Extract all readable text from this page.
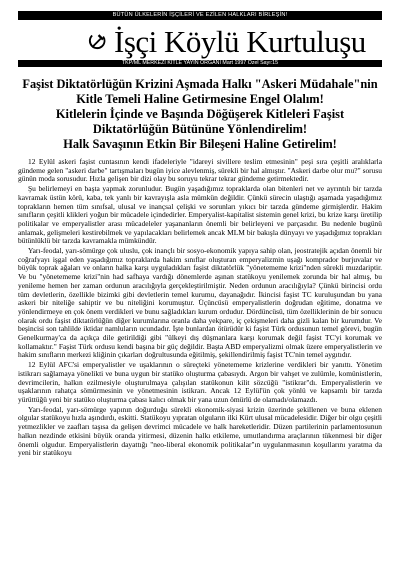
BÜTÜN ÜLKELERİN İŞÇİLERİ VE EZİLEN HALKLARI BİRLEŞİN!
İşçi Köylü Kurtuluşu
TKP/ML MERKEZİ KİTLE YAYIN ORGANI Mart 1997 Özel Sayı:15
Faşist Diktatörlüğün Krizini Aşmada Halkı "Askeri Müdahale"nin Kitle Temeli Haline Getirmesine Engel Olalım!
Kitlelerin İçinde ve Başında Döğüşerek Kitleleri Faşist Diktatörlüğün Bütününe Yönlendirelim!
Halk Savaşının Etkin Bir Bileşeni Haline Getirelim!

12 Eylül askeri faşist cuntasının kendi ifadeleriyle "idareyi sivillere teslim etmesinin" peşi sıra çeşitli aralıklarla gündeme gelen "askeri darbe" tartışmaları bugün iyice alevlenmiş, sürekli bir hal almıştır. "Askeri darbe olur mu?" sorusu günün moda sorusudur. Hızla gelişen bir dizi olay bu soruyu tekrar tekrar gündeme getirmektedir.

Şu belirlemeyi en başta yapmak zorunludur. Bugün yaşadığımız topraklarda olan bitenleri net ve ayrıntılı bir tarzda kavramak üstün körü, kaba, tek yanlı bir kavrayışla asla mümkün değildir. Çünkü sürecin ulaştığı aşamada yaşadığımız toprakların hemen tüm sınıfsal, ulusal ve inançsal çelişki ve sorunları yıkıcı bir tarzda gündeme girmişlerdir. Hakim sınıfların çeşitli klikleri yoğun bir mücadele içindedirler. Emperyalist-kapitalist sistemin genel krizi, bu krize karşı üretilip politikalar ve emperyalistler arası mücadeleler yaşananların önemli bir belirleyeni ve parçasıdır. Bu nedenle bugünü anlamak, gelişmeleri kestirebilmek ve yapılacakları belirlemek ancak MLM bir bakışla dünyayı ve yaşadığımız toprakları bütünlüklü bir tarzda kavramakla mümkündür.

Yarı-feodal, yarı-sömürge çok uluslu, çok inançlı bir sosyo-ekonomik yapıya sahip olan, jeostratejik açıdan önemli bir coğrafyayı işgal eden yaşadığımız topraklarda hakim sınıflar oluşturan emperyalizmin uşağı komprador burjuvalar ve büyük toprak ağaları ve onların halka karşı uyguladıkları faşist diktatörlük "yönetememe krizi"nden sürekli muzdariptir. Ve bu "yönetememe krizi"nin had safhaya vardığı dönemlerde aşınan statükoyu yenilemek zorunda bir hal almış, bu yenileme hemen her zaman ordunun aracılığıyla gerçekleştirilmiştir. Neden ordunun aracılığıyla? Çünkü birincisi ordu tüm devletlerin, özellikle bizimki gibi devletlerin temel kurumu, dayanağıdır. İkincisi faşist TC kuruluşundan bu yana askeri bir niteliğe sahiptir ve bu niteliğini korumuştur. Üçüncüsü emperyalistlerin doğrudan eğitime, donatma ve yönlendirmeye en çok önem verdikleri ve bunu sağladıkları kurum ordudur. Dördüncüsü, tüm özelliklerinin de bir sonucu olarak ordu faşist diktatörlüğün diğer kurumlarına oranla daha yekpare, iç çekişmeleri daha gizli kalan bir kurumdur. Ve beşincisi son tahlilde iktidar namluların ucundadır. İşte bunlardan ötürüdür ki faşist Türk ordusunun temel görevi, bugün Genelkurmay'ca da açıkça dile getirildiği gibi "ülkeyi dış düşmanlara karşı korumak değil faşist TC'yi korumak ve kollamaktır." Faşist Türk ordusu kendi başına bir güç değildir. Başta ABD emperyalizmi olmak üzere emperyalistlerin ve hakim sınıfların merkezi kliğinin çıkarları doğrultusunda eğitilmiş, şekillendirilmiş faşist TC'nin temel aygıtıdır.

12 Eylül AFC'si emperyalistler ve uşaklarının o süreçteki yönetememe krizlerine verdikleri bir yanıttı. Yönetim istikrarı sağlamaya yönelikti ve buna uygun bir statüko oluşturma çabasıydı. Argon bir vahşet ve zulümle, komünistlerin, devrimcilerin, halkın ezilmesiyle oluşturulmaya çalışılan statükonun kilit sözcüğü "istikrar"dı. Emperyalistlerin ve uşaklarının rahatça sömürmesinin ve yönetmesinin istikrarı. Ancak 12 Eylül'ün çok yönlü ve kapsamlı bir tarzda yürüttüğü yeni bir statüko oluşturma çabası kalıcı olmak bir yana uzun ömürlü de olamadı/olamazdı.

Yarı-feodal, yarı-sömürge yapının doğurduğu sürekli ekonomik-siyasi krizin üzerinde şekillenen ve buna eklenen olgular statükoyu hızla aşındırdı, eskitti. Statükoyu yıpratan olguların ilki Kürt ulusal mücadelesidir. Diğer bir olgu çeşitli yetmezlikler ve zaafları taşısa da gelişen devrimci mücadele ve halk hareketleridir. Düzen partilerinin parlamentosunun halkın nezdinde etkisini büyük oranda yitirmesi, düzenin halkı etkileme, umutlandırma araçlarının tükenmesi bir diğer önemli olgudur. Emperyalistlerin dayattığı "neo-liberal ekonomik politikalar"ın uygulanmasının koşullarını yaratma da yeni bir statükoyu
